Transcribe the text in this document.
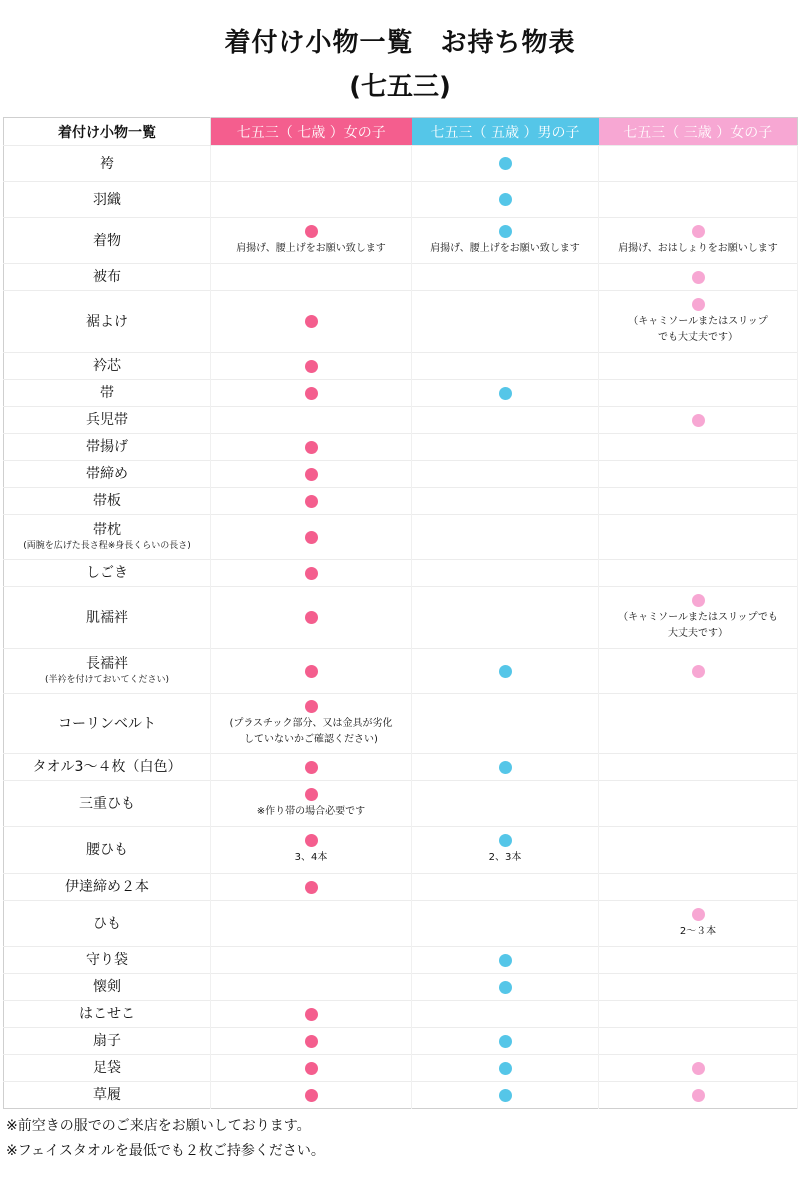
着付け小物一覧　お持ち物表
(七五三)
着付け小物一覧	七五三（ 七歳 ）女の子	七五三（ 五歳 ）男の子	七五三（ 三歳 ）女の子
袴		

羽織		

着物	肩揚げ、腰上げをお願い致します	肩揚げ、腰上げをお願い致します	肩揚げ、おはしょりをお願いします

被布			

裾よけ			（キャミソールまたはスリップ
でも大丈夫です）

衿芯	

帯	

兵児帯			

帯揚げ	

帯締め	

帯板	

帯枕
(両腕を広げた長さ程※身長くらいの長さ)			

しごき	

肌襦袢			（キャミソールまたはスリップでも
大丈夫です）

長襦袢
(半衿を付けておいてください)			

コーリンベルト	(プラスチック部分、又は金具が劣化
していないかご確認ください)		

タオル3〜４枚（白色）	

三重ひも	※作り帯の場合必要です		

腰ひも	3、4本	2、3本	

伊達締め２本	

ひも			2〜３本

守り袋		

懐剣		

はこせこ	

扇子	

足袋	

草履	

※前空きの服でのご来店をお願いしております。
※フェイスタオルを最低でも２枚ご持参ください。
